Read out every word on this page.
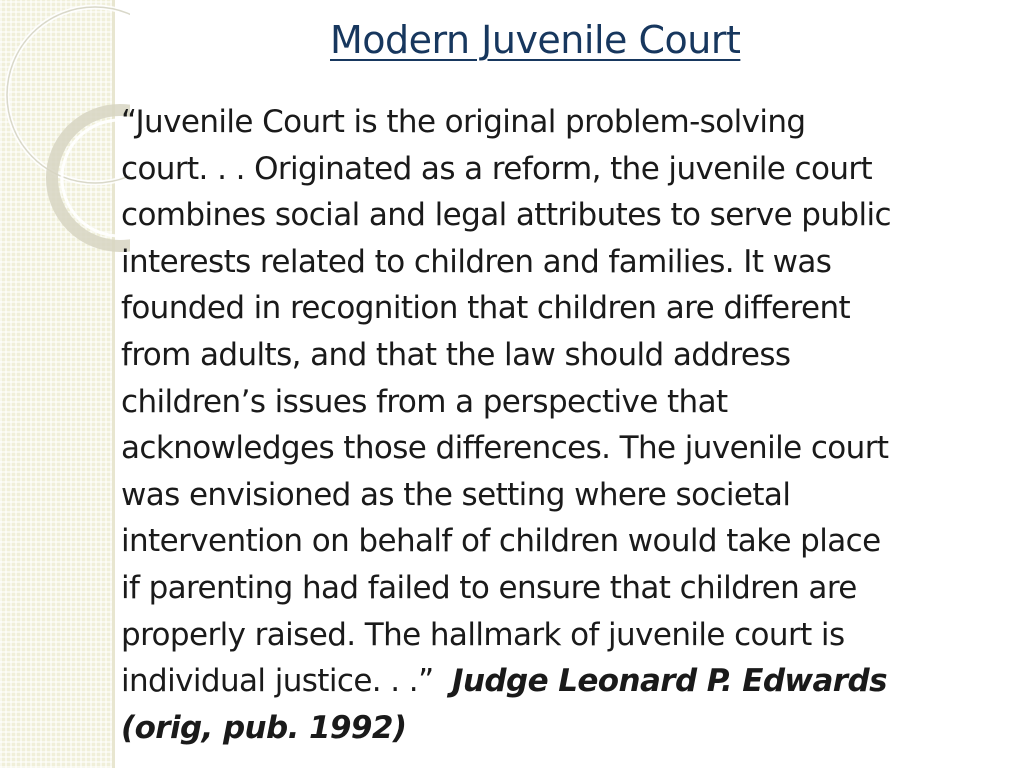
Modern Juvenile Court

“Juvenile Court is the original problem-solving
court. . . Originated as a reform, the juvenile court
combines social and legal attributes to serve public
interests related to children and families. It was
founded in recognition that children are different
from adults, and that the law should address
children’s issues from a perspective that
acknowledges those differences. The juvenile court
was envisioned as the setting where societal
intervention on behalf of children would take place
if parenting had failed to ensure that children are
properly raised. The hallmark of juvenile court is
individual justice. . .”  Judge Leonard P. Edwards
(orig, pub. 1992)
